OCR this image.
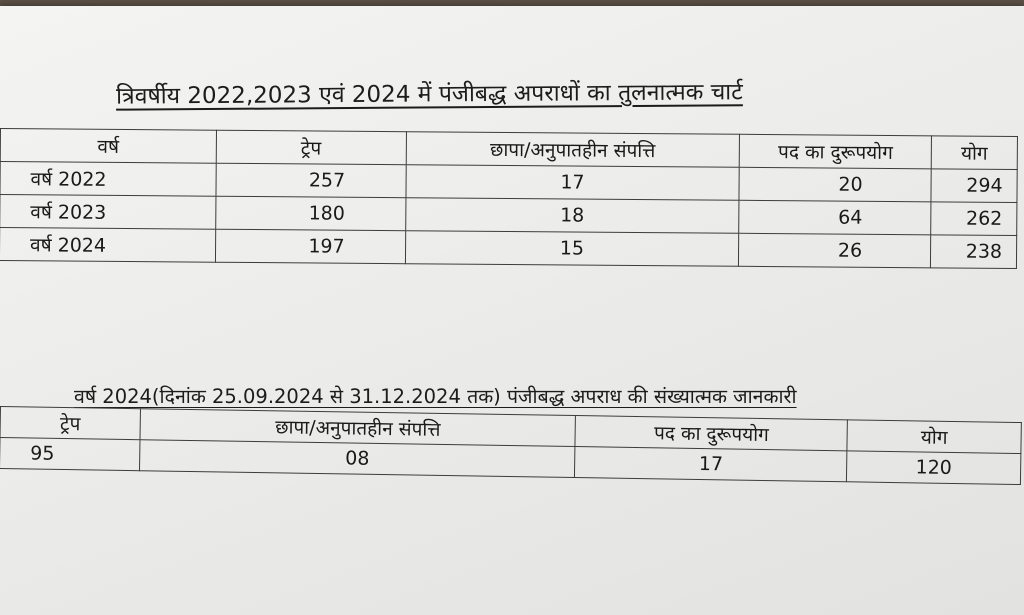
त्रिवर्षीय 2022,2023 एवं 2024 में पंजीबद्ध अपराधों का तुलनात्मक चार्ट
वर्ष	ट्रेप	छापा/अनुपातहीन संपत्ति	पद का दुरूपयोग	योग
वर्ष 2022	257	17	20	294
वर्ष 2023	180	18	64	262
वर्ष 2024	197	15	26	238
वर्ष 2024(दिनांक 25.09.2024 से 31.12.2024 तक) पंजीबद्ध अपराध की संख्यात्मक जानकारी
ट्रेप	छापा/अनुपातहीन संपत्ति	पद का दुरूपयोग	योग
95	08	17	120
